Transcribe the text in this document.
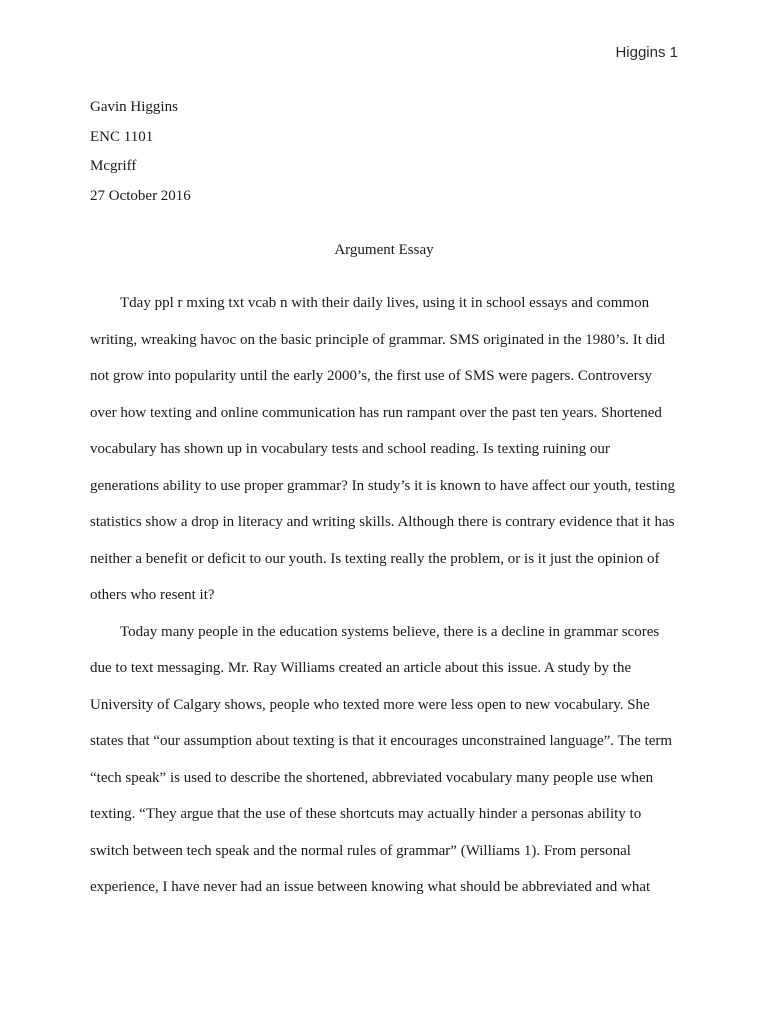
Higgins 1
Gavin Higgins
ENC 1101
Mcgriff
27 October 2016
Argument Essay
Tday ppl r mxing txt vcab n with their daily lives, using it in school essays and common
writing, wreaking havoc on the basic principle of grammar. SMS originated in the 1980’s. It did
not grow into popularity until the early 2000’s, the first use of SMS were pagers. Controversy
over how texting and online communication has run rampant over the past ten years. Shortened
vocabulary has shown up in vocabulary tests and school reading. Is texting ruining our
generations ability to use proper grammar? In study’s it is known to have affect our youth, testing
statistics show a drop in literacy and writing skills. Although there is contrary evidence that it has
neither a benefit or deficit to our youth. Is texting really the problem, or is it just the opinion of
others who resent it?
Today many people in the education systems believe, there is a decline in grammar scores
due to text messaging. Mr. Ray Williams created an article about this issue. A study by the
University of Calgary shows, people who texted more were less open to new vocabulary. She
states that “our assumption about texting is that it encourages unconstrained language”. The term
“tech speak” is used to describe the shortened, abbreviated vocabulary many people use when
texting. “They argue that the use of these shortcuts may actually hinder a personas ability to
switch between tech speak and the normal rules of grammar” (Williams 1). From personal
experience, I have never had an issue between knowing what should be abbreviated and what
